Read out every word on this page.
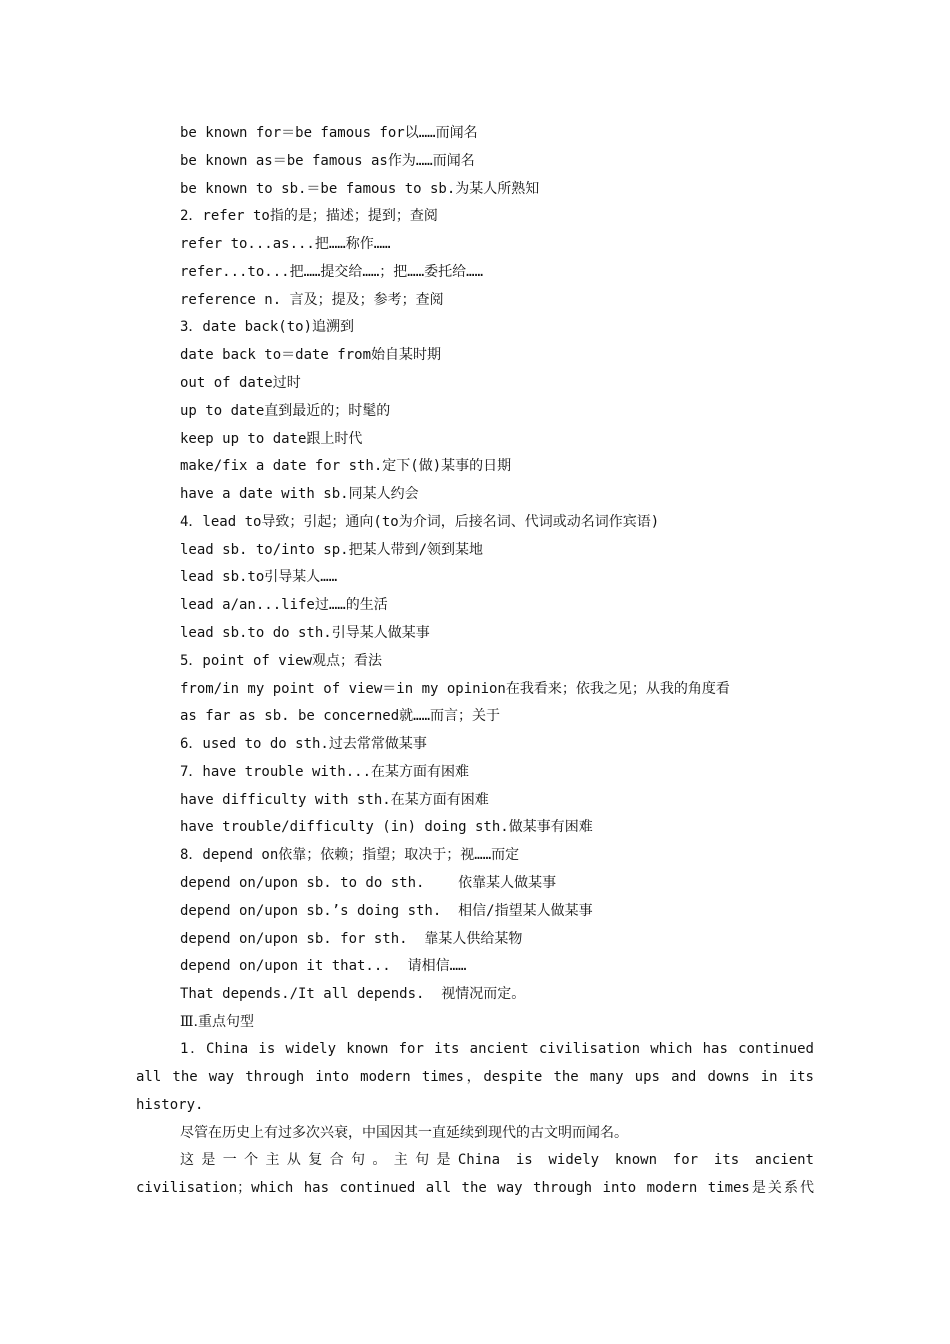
be known for＝be famous for以……而闻名
be known as＝be famous as作为……而闻名
be known to sb.＝be famous to sb.为某人所熟知
2．refer to指的是；描述；提到；查阅
refer to...as...把……称作……
refer...to...把……提交给……；把……委托给……
reference n. 言及；提及；参考；查阅
3．date back(to)追溯到
date back to＝date from始自某时期
out of date过时
up to date直到最近的；时髦的
keep up to date跟上时代
make/fix a date for sth.定下(做)某事的日期
have a date with sb.同某人约会
4．lead to导致；引起；通向(to为介词，后接名词、代词或动名词作宾语)
lead sb. to/into sp.把某人带到/领到某地
lead sb.to引导某人……
lead a/an...life过……的生活
lead sb.to do sth.引导某人做某事
5．point of view观点；看法
from/in my point of view＝in my opinion在我看来；依我之见；从我的角度看
as far as sb. be concerned就……而言；关于
6．used to do sth.过去常常做某事
7．have trouble with...在某方面有困难
have difficulty with sth.在某方面有困难
have trouble/difficulty (in) doing sth.做某事有困难
8．depend on依靠；依赖；指望；取决于；视……而定
depend on/upon sb. to do sth.    依靠某人做某事
depend on/upon sb.’s doing sth.  相信/指望某人做某事
depend on/upon sb. for sth.  靠某人供给某物
depend on/upon it that...  请相信……
That depends./It all depends.  视情况而定。
Ⅲ.重点句型
1．China is widely known for its ancient civilisation which has continued all the way through into modern times，despite the many ups and downs in its history.
尽管在历史上有过多次兴衰，中国因其一直延续到现代的古文明而闻名。
这是一个主从复合句。主句是China is widely known for its ancient
civilisation；which has continued all the way through into modern times是关系代
